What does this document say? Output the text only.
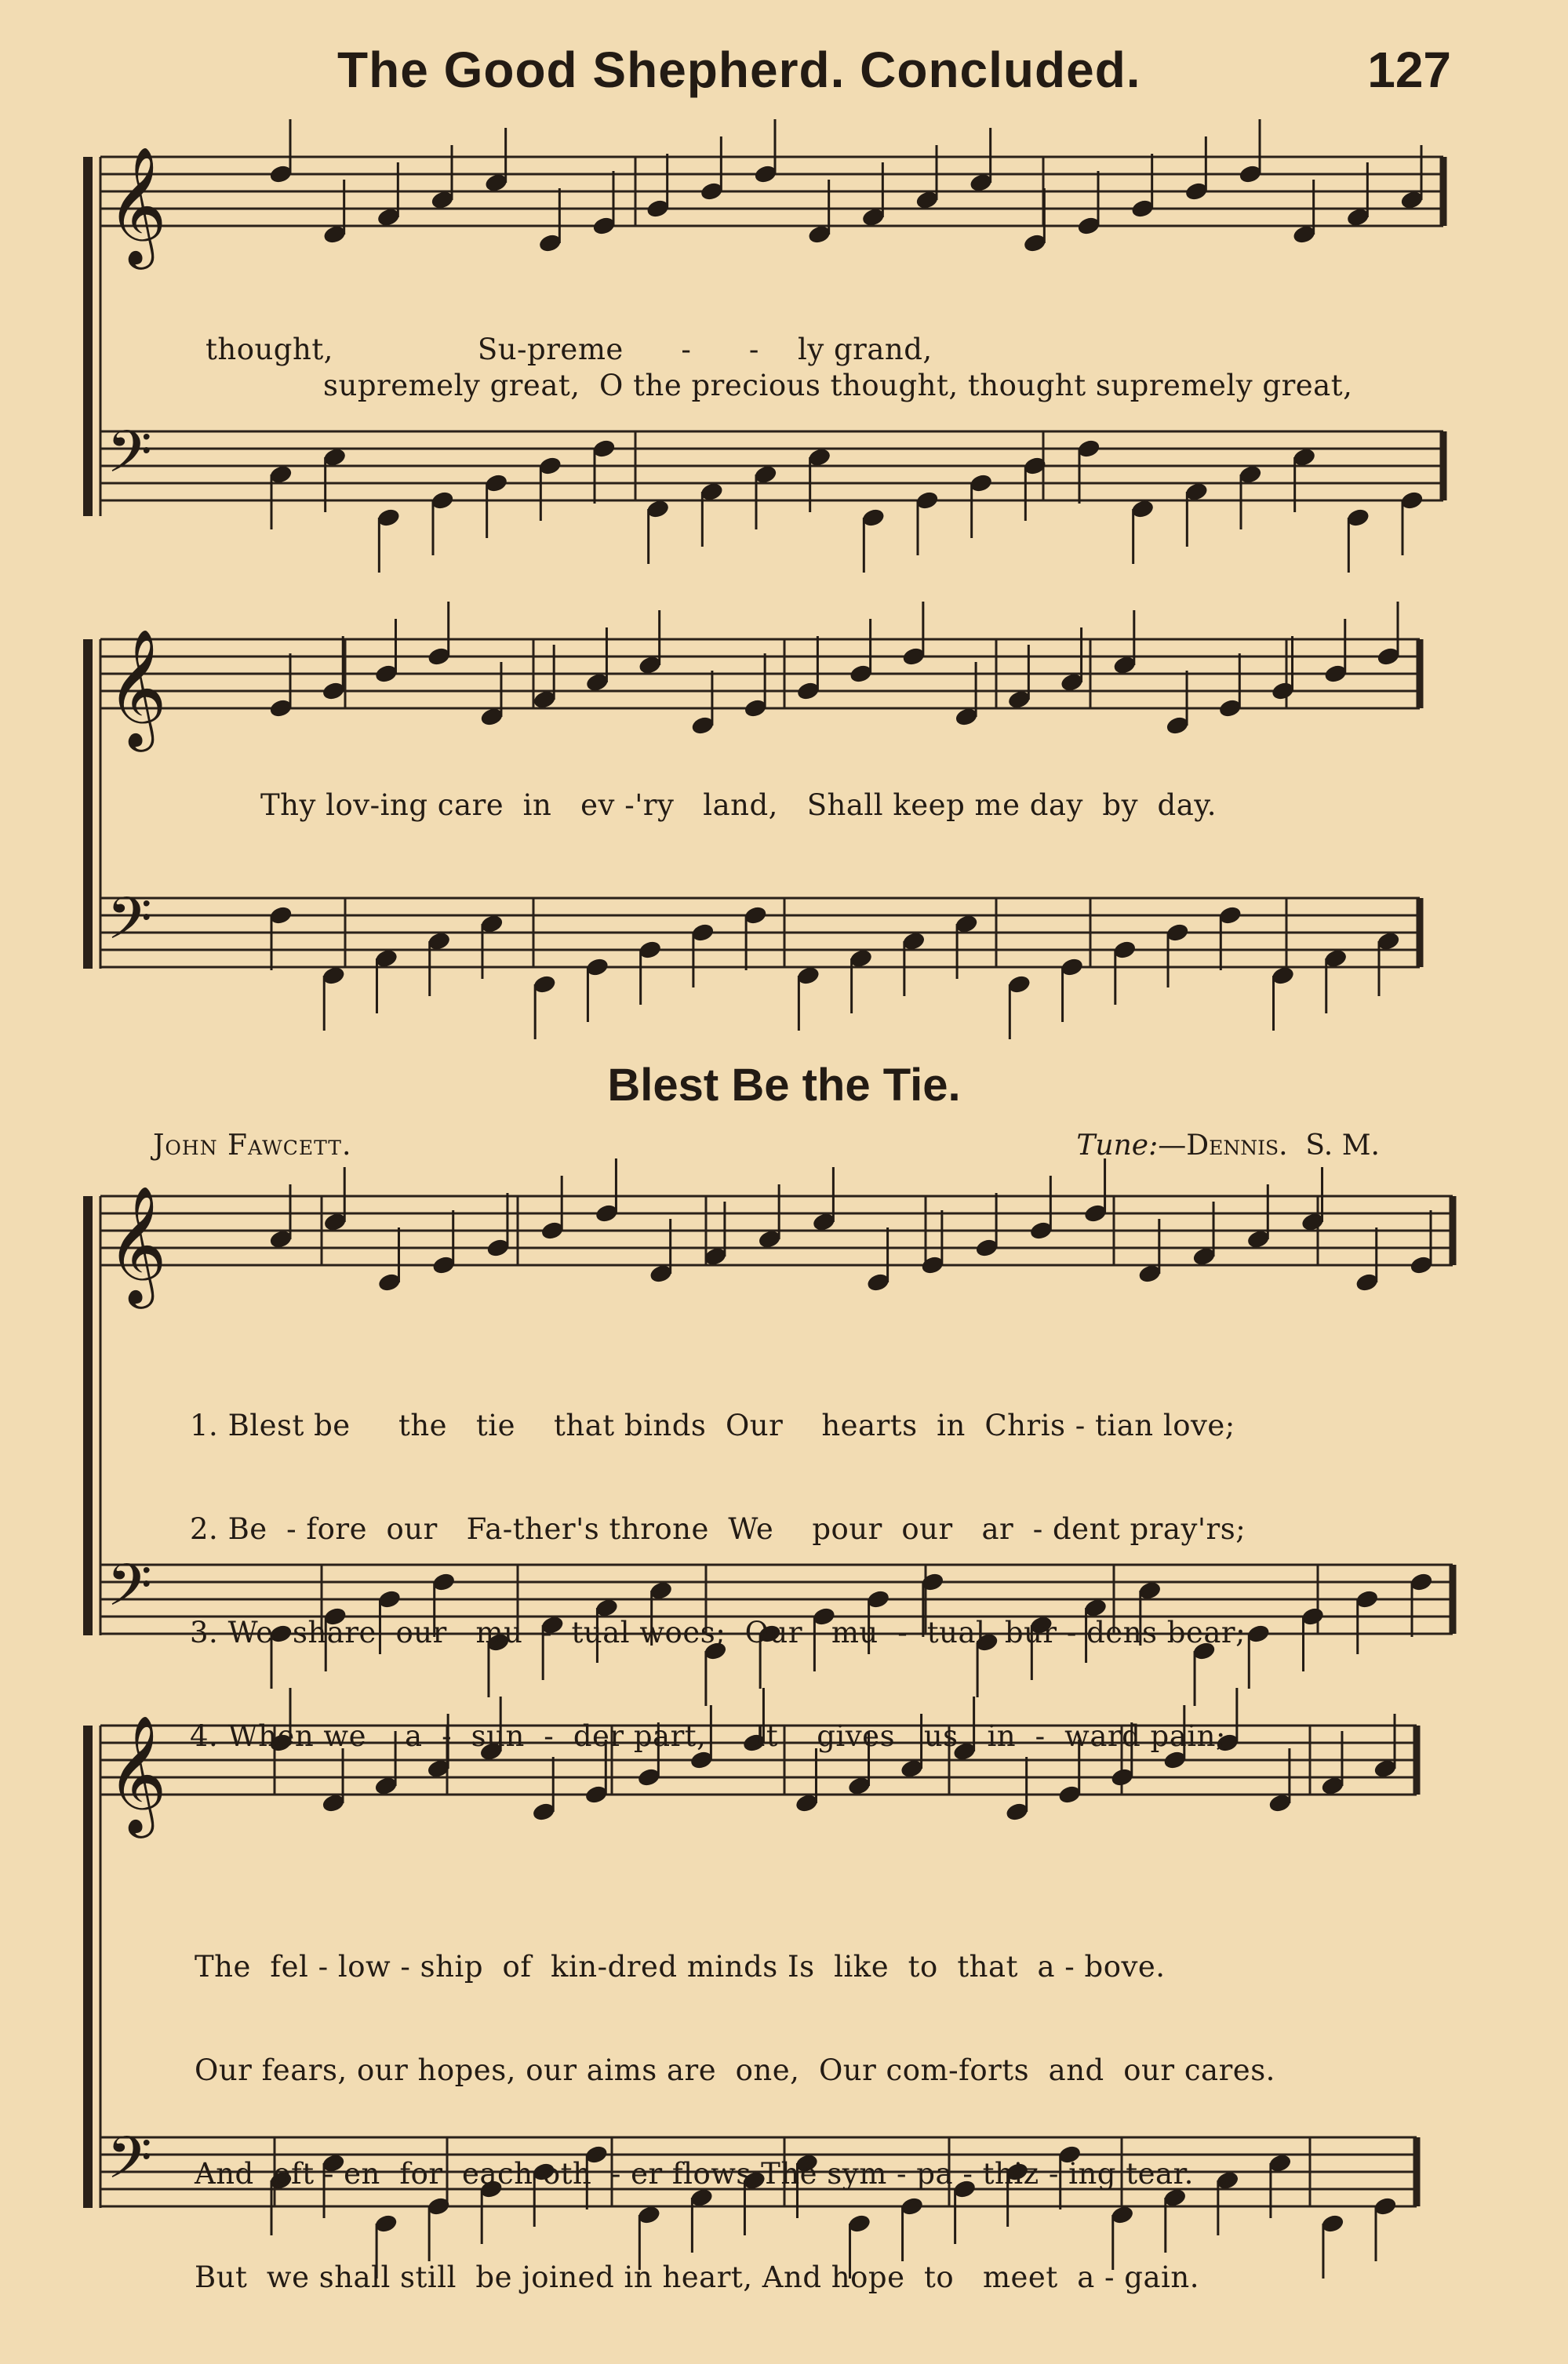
The Good Shepherd. Concluded.	127
𝄞
𝄢
𝄞
𝄢
𝄞
𝄢
𝄞
𝄢
thought,               Su-preme      -      -    ly grand,
supremely great,  O the precious thought, thought supremely great,
Thy lov-ing care  in   ev -'ry   land,   Shall keep me day  by  day.
Blest Be the Tie.
John Fawcett.	Tune:—Dennis. S. M.

1. Blest be     the   tie    that binds  Our    hearts  in  Chris - tian love;

2. Be  - fore  our   Fa-ther's throne  We    pour  our   ar  - dent pray'rs;

3. We  share  our   mu  -  tual woes;  Our   mu  -  tual  bur - dens bear;

4. When we    a  -  sun  -  der part,     It    gives   us   in  -  ward pain;

The  fel - low - ship  of  kin-dred minds Is  like  to  that  a - bove.

Our fears, our hopes, our aims are  one,  Our com-forts  and  our cares.

And  oft - en  for  each oth  - er flows The sym - pa - thiz - ing tear.

But  we shall still  be joined in heart, And hope  to   meet  a - gain.
